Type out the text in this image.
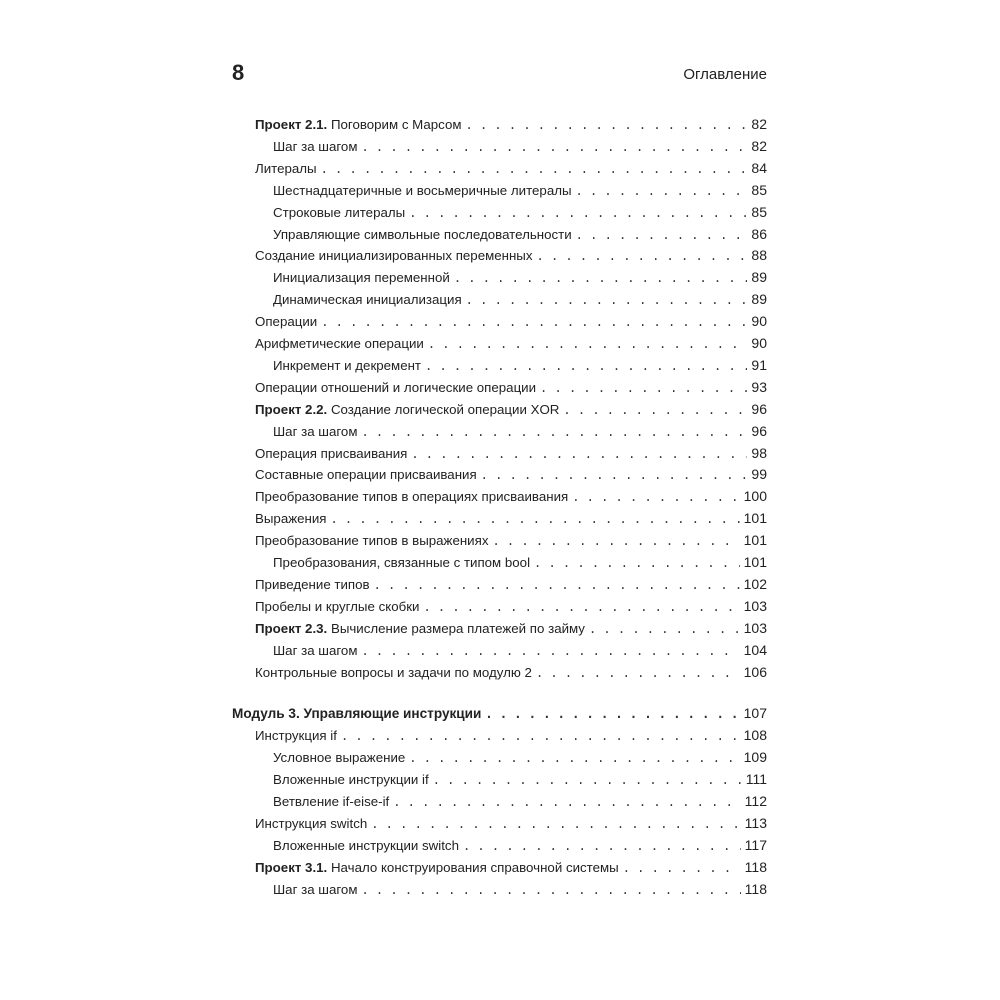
8	Оглавление
Проект 2.1. Поговорим с Марсом . . .	82
Шаг за шагом . . .	82
Литералы . . .	84
Шестнадцатеричные и восьмеричные литералы . . .	85
Строковые литералы . . .	85
Управляющие символьные последовательности . . .	86
Создание инициализированных переменных . . .	88
Инициализация переменной . . .	89
Динамическая инициализация . . .	89
Операции . . .	90
Арифметические операции . . .	90
Инкремент и декремент . . .	91
Операции отношений и логические операции . . .	93
Проект 2.2. Создание логической операции XOR . . .	96
Шаг за шагом . . .	96
Операция присваивания . . .	98
Составные операции присваивания . . .	99
Преобразование типов в операциях присваивания . . .	100
Выражения . . .	101
Преобразование типов в выражениях . . .	101
Преобразования, связанные с типом bool . . .	101
Приведение типов . . .	102
Пробелы и круглые скобки . . .	103
Проект 2.3. Вычисление размера платежей по займу . . .	103
Шаг за шагом . . .	104
Контрольные вопросы и задачи по модулю 2 . . .	106
Модуль 3. Управляющие инструкции . . .	107
Инструкция if . . .	108
Условное выражение . . .	109
Вложенные инструкции if . . .	111
Ветвление if-eise-if . . .	112
Инструкция switch . . .	113
Вложенные инструкции switch . . .	117
Проект 3.1. Начало конструирования справочной системы . . .	118
Шаг за шагом . . .	118
